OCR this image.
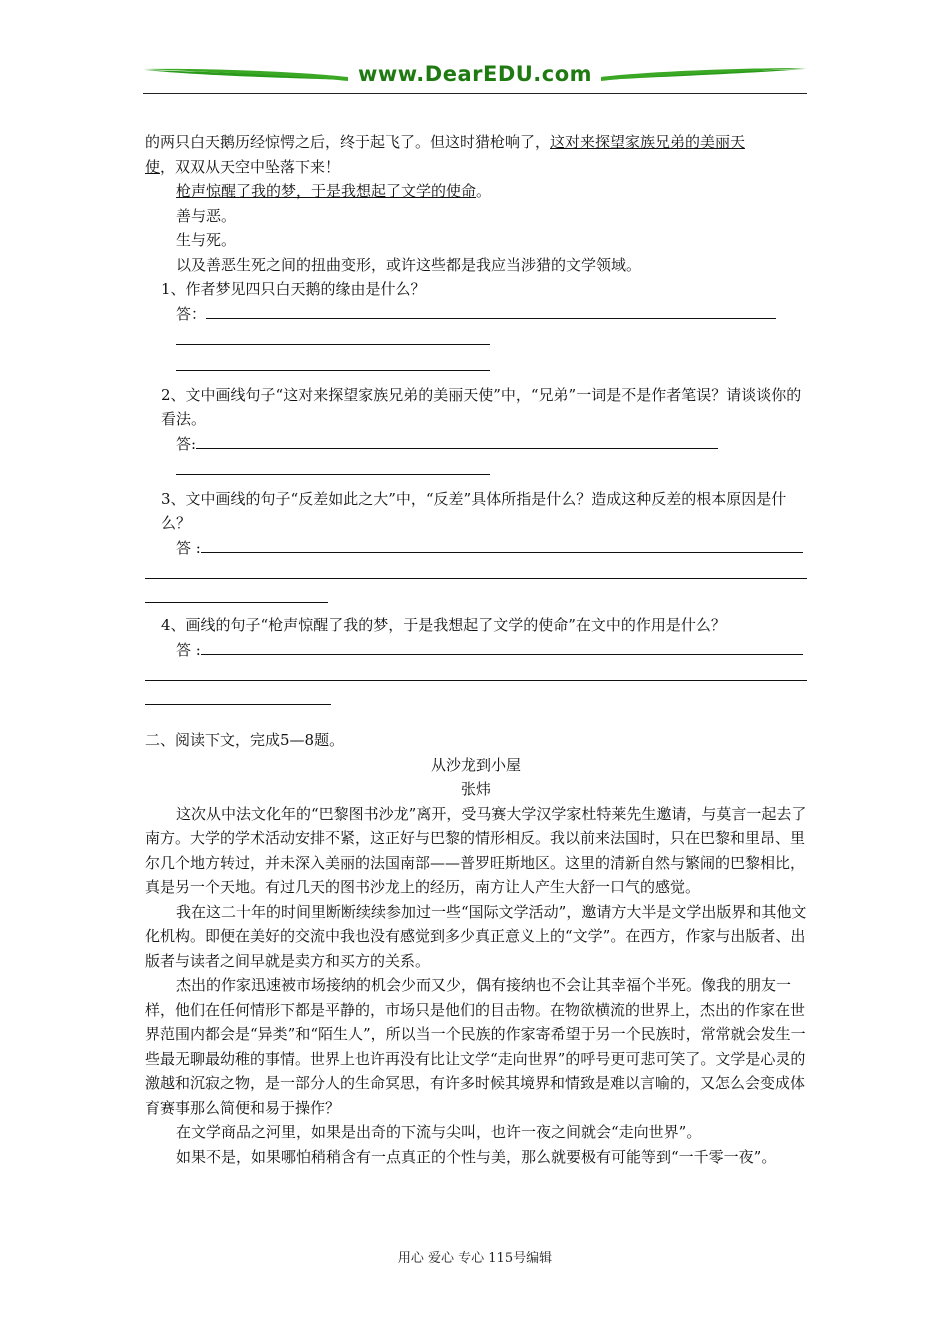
www.DearEDU.com

的两只白天鹅历经惊愕之后，终于起飞了。但这时猎枪响了，这对来探望家族兄弟的美丽天
使，双双从天空中坠落下来！

枪声惊醒了我的梦，于是我想起了文学的使命。

善与恶。

生与死。

以及善恶生死之间的扭曲变形，或许这些都是我应当涉猎的文学领域。

1、作者梦见四只白天鹅的缘由是什么？

答：

2、文中画线句子“这对来探望家族兄弟的美丽天使”中，“兄弟”一词是不是作者笔误？请谈谈你的看法。

答:

3、文中画线的句子“反差如此之大”中，“反差”具体所指是什么？造成这种反差的根本原因是什么？

答 :

4、画线的句子“枪声惊醒了我的梦，于是我想起了文学的使命”在文中的作用是什么？

答 :

二、阅读下文，完成5—8题。

从沙龙到小屋

张炜

这次从中法文化年的“巴黎图书沙龙”离开，受马赛大学汉学家杜特莱先生邀请，与莫言一起去了南方。大学的学术活动安排不紧，这正好与巴黎的情形相反。我以前来法国时，只在巴黎和里昂、里尔几个地方转过，并未深入美丽的法国南部——普罗旺斯地区。这里的清新自然与繁闹的巴黎相比，真是另一个天地。有过几天的图书沙龙上的经历，南方让人产生大舒一口气的感觉。

我在这二十年的时间里断断续续参加过一些“国际文学活动”，邀请方大半是文学出版界和其他文化机构。即便在美好的交流中我也没有感觉到多少真正意义上的“文学”。在西方，作家与出版者、出版者与读者之间早就是卖方和买方的关系。

杰出的作家迅速被市场接纳的机会少而又少，偶有接纳也不会让其幸福个半死。像我的朋友一样，他们在任何情形下都是平静的，市场只是他们的目击物。在物欲横流的世界上，杰出的作家在世界范围内都会是“异类”和“陌生人”，所以当一个民族的作家寄希望于另一个民族时，常常就会发生一些最无聊最幼稚的事情。世界上也许再没有比让文学“走向世界”的呼号更可悲可笑了。文学是心灵的激越和沉寂之物，是一部分人的生命冥思，有许多时候其境界和情致是难以言喻的，又怎么会变成体育赛事那么简便和易于操作？

在文学商品之河里，如果是出奇的下流与尖叫，也许一夜之间就会“走向世界”。

如果不是，如果哪怕稍稍含有一点真正的个性与美，那么就要极有可能等到“一千零一夜”。

用心 爱心 专心 115号编辑
